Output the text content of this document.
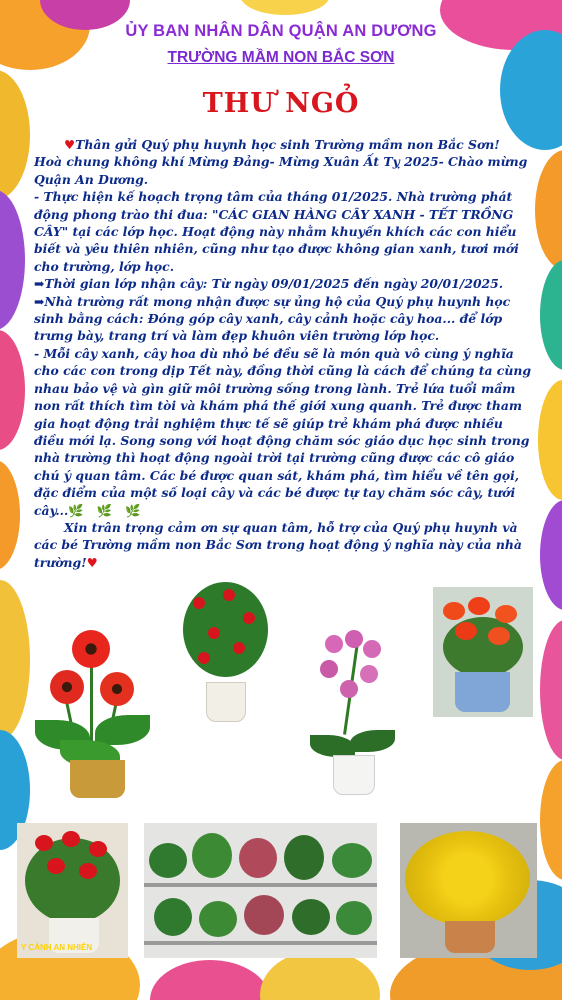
ỦY BAN NHÂN DÂN QUẬN AN DƯƠNG
TRƯỜNG MẦM NON BẮC SƠN
THƯ NGỎ

♥Thân gửi Quý phụ huynh học sinh Trường mầm non Bắc Sơn!

Hoà chung không khí Mừng Đảng- Mừng Xuân Ất Tỵ 2025- Chào mừng Quận An Dương.

- Thực hiện kế hoạch trọng tâm của tháng 01/2025. Nhà trường phát động phong trào thi đua: "CÁC GIAN HÀNG CÂY XANH - TẾT TRỒNG CÂY" tại các lớp học. Hoạt động này nhằm khuyến khích các con hiểu biết và yêu thiên nhiên, cũng như tạo được không gian xanh, tươi mới cho trường, lớp học.

➡Thời gian lớp nhận cây: Từ ngày 09/01/2025 đến ngày 20/01/2025.

➡Nhà trường rất mong nhận được sự ủng hộ của Quý phụ huynh học sinh bằng cách: Đóng góp cây xanh, cây cảnh hoặc cây hoa... để lớp trưng bày, trang trí và làm đẹp khuôn viên trường lớp học.

- Mỗi cây xanh, cây hoa dù nhỏ bé đều sẽ là món quà vô cùng ý nghĩa cho các con trong dịp Tết này, đồng thời cũng là cách để chúng ta cùng nhau bảo vệ và gìn giữ môi trường sống trong lành. Trẻ lứa tuổi mầm non rất thích tìm tòi và khám phá thế giới xung quanh. Trẻ được tham gia hoạt động trải nghiệm thực tế sẽ giúp trẻ khám phá được nhiều điều mới lạ. Song song với hoạt động chăm sóc giáo dục học sinh trong nhà trường thì hoạt động ngoài trời tại trường cũng được các cô giáo chú ý quan tâm. Các bé được quan sát, khám phá, tìm hiểu về tên gọi, đặc điểm của một số loại cây và các bé được tự tay chăm sóc cây, tưới cây...🌿 🌿 🌿

Xin trân trọng cảm ơn sự quan tâm, hỗ trợ của Quý phụ huynh và các bé Trường mầm non Bắc Sơn trong hoạt động ý nghĩa này của nhà trường!♥

Y CẢNH AN NHIÊN
